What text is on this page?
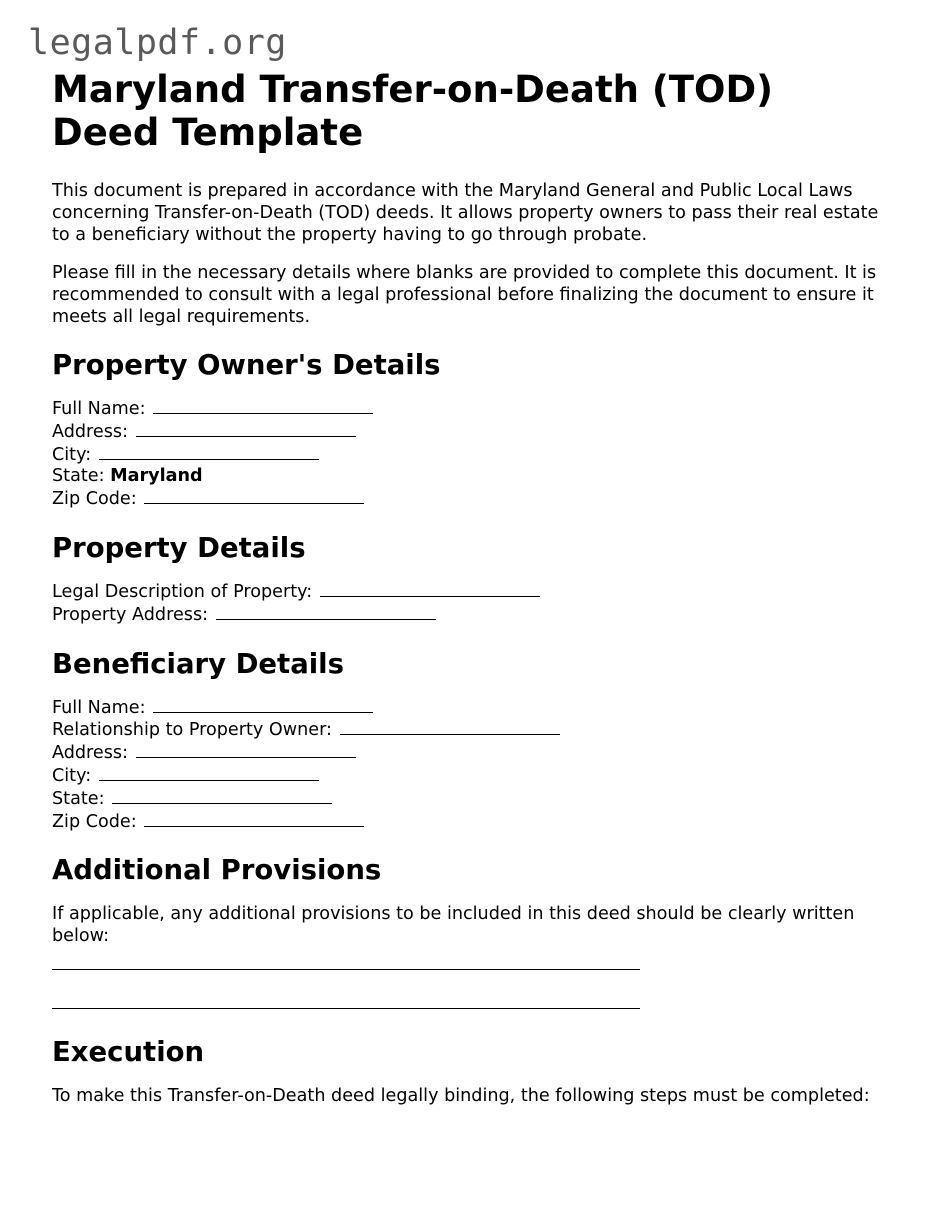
legalpdf.org
Maryland Transfer-on-Death (TOD) Deed Template

This document is prepared in accordance with the Maryland General and Public Local Laws concerning Transfer-on-Death (TOD) deeds. It allows property owners to pass their real estate to a beneficiary without the property having to go through probate.

Please fill in the necessary details where blanks are provided to complete this document. It is recommended to consult with a legal professional before finalizing the document to ensure it meets all legal requirements.

Property Owner's Details
Full Name:
Address:
City:
State: Maryland
Zip Code:
Property Details
Legal Description of Property:
Property Address:
Beneficiary Details
Full Name:
Relationship to Property Owner:
Address:
City:
State:
Zip Code:
Additional Provisions

If applicable, any additional provisions to be included in this deed should be clearly written below:

Execution

To make this Transfer-on-Death deed legally binding, the following steps must be completed:
